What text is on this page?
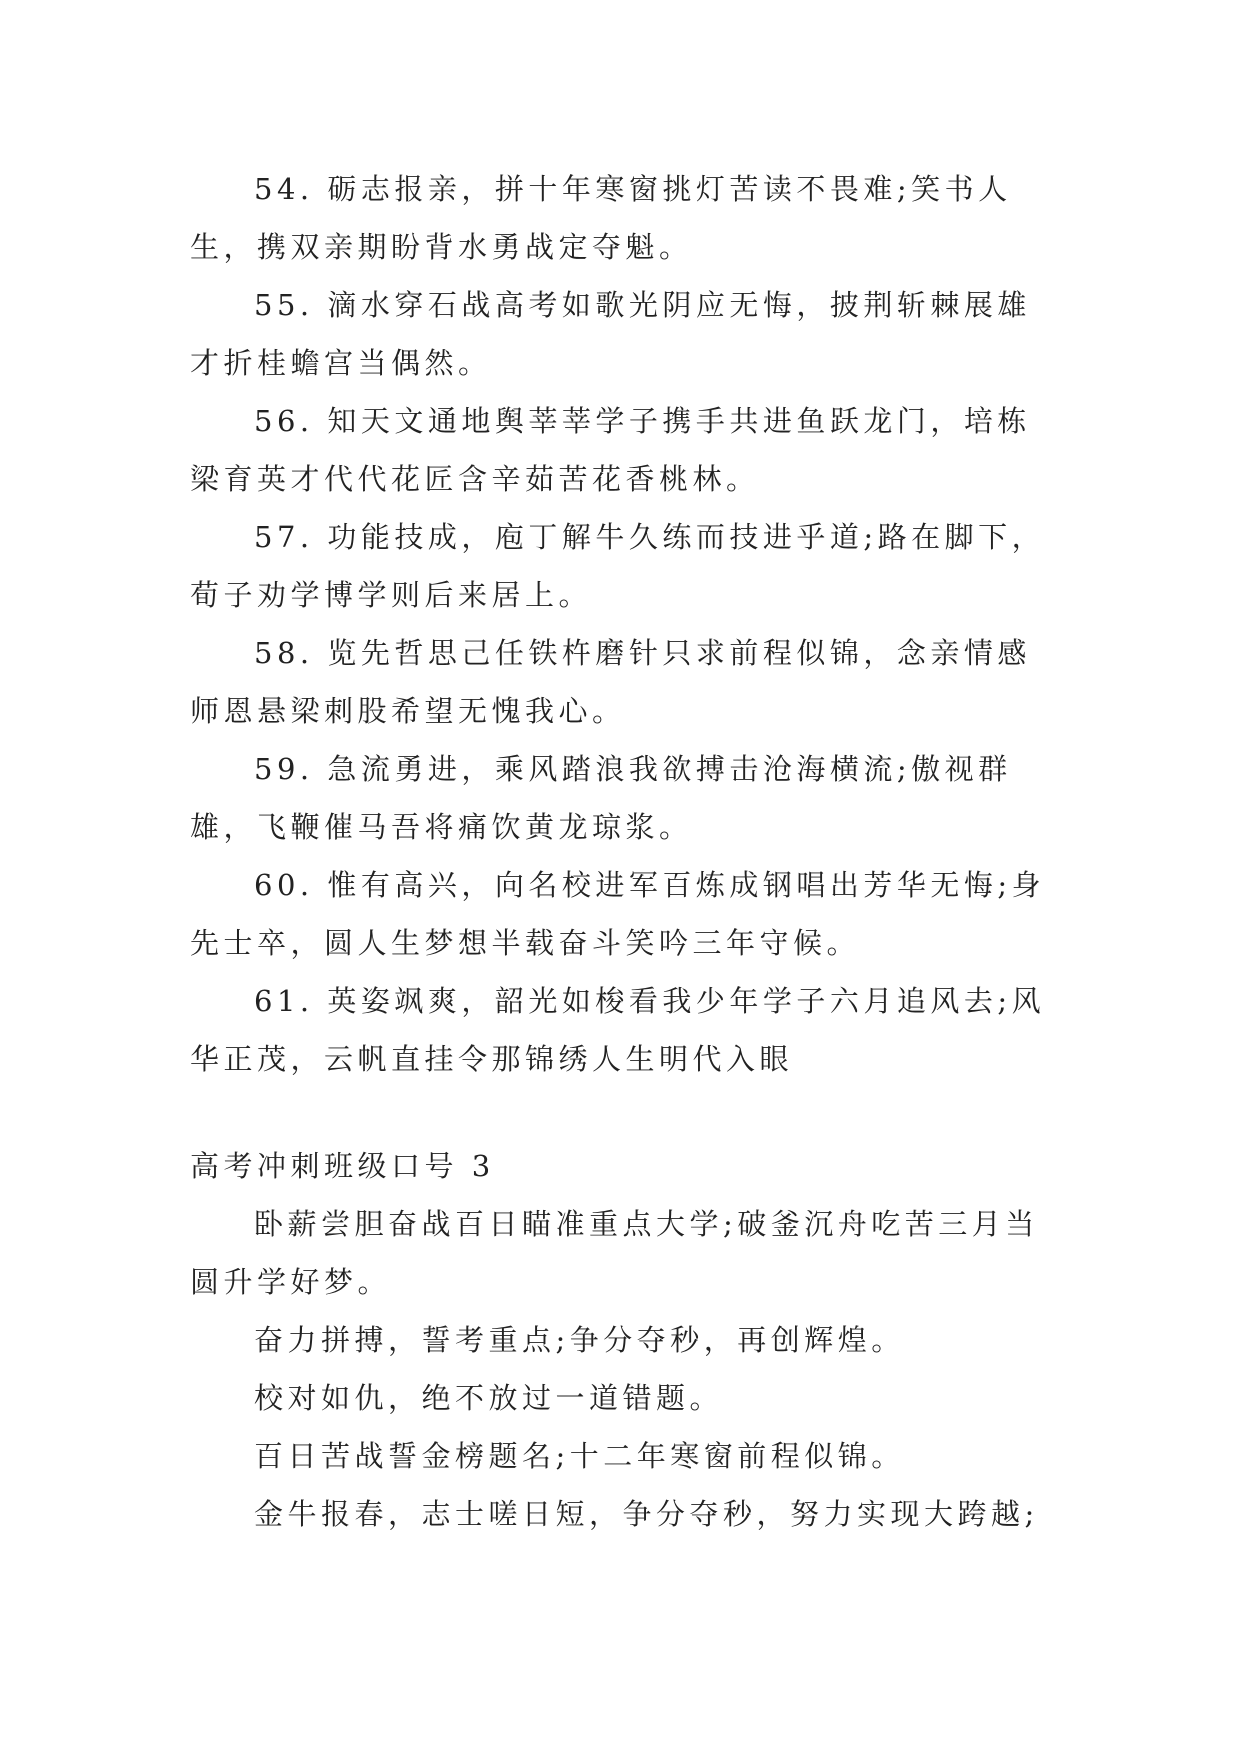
54. 砺志报亲，拼十年寒窗挑灯苦读不畏难;笑书人生，携双亲期盼背水勇战定夺魁。

55. 滴水穿石战高考如歌光阴应无悔，披荆斩棘展雄才折桂蟾宫当偶然。

56. 知天文通地舆莘莘学子携手共进鱼跃龙门，培栋梁育英才代代花匠含辛茹苦花香桃林。

57. 功能技成，庖丁解牛久练而技进乎道;路在脚下，荀子劝学博学则后来居上。

58. 览先哲思己任铁杵磨针只求前程似锦，念亲情感师恩悬梁刺股希望无愧我心。

59. 急流勇进，乘风踏浪我欲搏击沧海横流;傲视群雄，飞鞭催马吾将痛饮黄龙琼浆。

60. 惟有高兴，向名校进军百炼成钢唱出芳华无悔;身先士卒，圆人生梦想半载奋斗笑吟三年守候。

61. 英姿飒爽，韶光如梭看我少年学子六月追风去;风华正茂，云帆直挂令那锦绣人生明代入眼

高考冲刺班级口号 3

卧薪尝胆奋战百日瞄准重点大学;破釜沉舟吃苦三月当圆升学好梦。

奋力拼搏，誓考重点;争分夺秒，再创辉煌。

校对如仇，绝不放过一道错题。

百日苦战誓金榜题名;十二年寒窗前程似锦。

金牛报春，志士嗟日短，争分夺秒，努力实现大跨越;
